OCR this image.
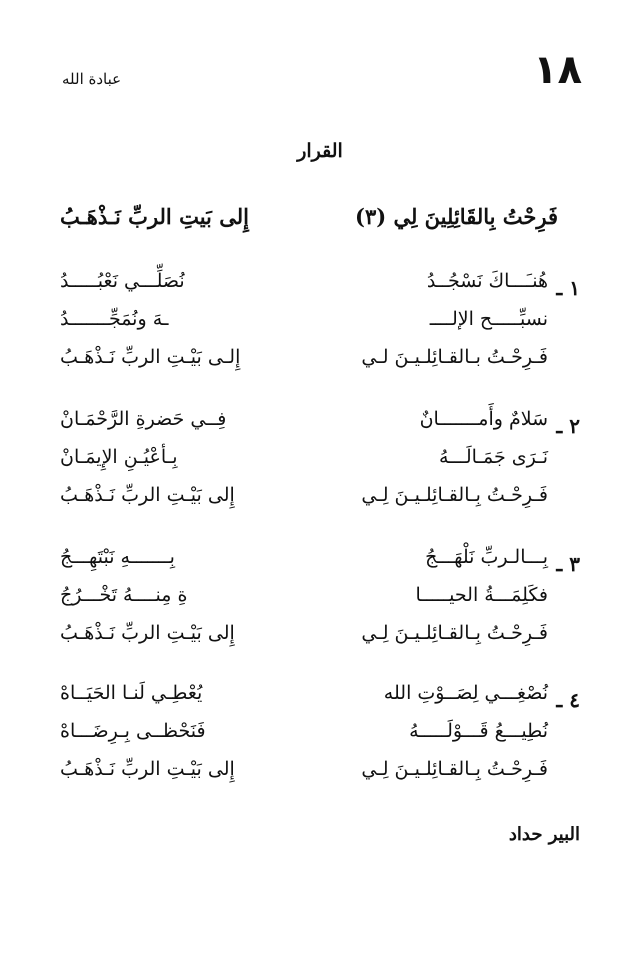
١٨
عبادة الله
القرار
فَرِحْتُ بِالقَائِلِينَ لِي (٣)
إِلى بَيتِ الربِّ نَـذْهَـبُ
١ ـ
هُنـَـــاكَ نَسْجُــدُ
نُصَلِّـــي نَعْبُـــــدُ
نسبِّـــــح الإلــــ
ـهَ ونُمَجِّـــــــدُ
فَـرِحْـتُ بـالقـائِلـيـنَ لـي
إِلـى بَيْـتِ الربِّ نَـذْهَـبُ
٢ ـ
سَلامٌ وأَمـــــــانٌ
فِــي حَضرةِ الرَّحْمَـانْ
نَـرَى جَمَـالَـــهُ
بِـأعْيُـنِ الإِيمَـانْ
فَـرِحْـتُ بِـالقـائِلـيـنَ لِـي
إِلى بَيْـتِ الربِّ نَـذْهَـبُ
٣ ـ
بِـــالـربِّ نَلْهَـــجُ
بِـــــــهِ نَبْتَهِـــجُ
فكَلِمَـــةُ الحيـــــا
ةِ مِنــــهُ تَخْـــرُجُ
فَـرِحْـتُ بِـالقـائِلـيـنَ لِـي
إِلى بَيْـتِ الربِّ نَـذْهَـبُ
٤ ـ
نُصْغِـــي لِصَــوْتِ الله
يُعْطِـي لَنـا الحَيَــاهْ
نُطِيـــعُ قَـــوْلَـــــهُ
فَنَحْظــى بِـرِضَـــاهْ
فَـرِحْـتُ بِـالقـائِلـيـنَ لِـي
إِلى بَيْـتِ الربِّ نَـذْهَـبُ
البير حداد
